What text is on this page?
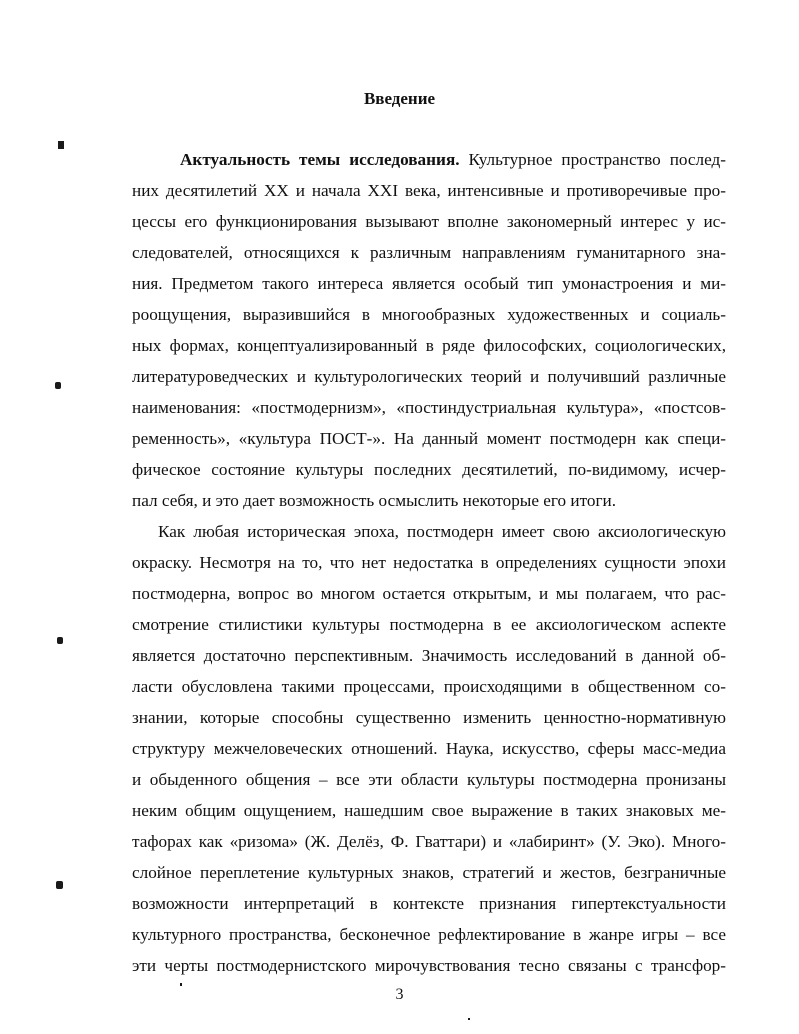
Введение
Актуальность темы исследования. Культурное пространство послед-
них десятилетий XX и начала XXI века, интенсивные и противоречивые про-
цессы его функционирования вызывают вполне закономерный интерес у ис-
следователей, относящихся к различным направлениям гуманитарного зна-
ния. Предметом такого интереса является особый тип умонастроения и ми-
роощущения, выразившийся в многообразных художественных и социаль-
ных формах, концептуализированный в ряде философских, социологических,
литературоведческих и культурологических теорий и получивший различные
наименования: «постмодернизм», «постиндустриальная культура», «постсов-
ременность», «культура ПОСТ-». На данный момент постмодерн как специ-
фическое состояние культуры последних десятилетий, по-видимому, исчер-
пал себя, и это дает возможность осмыслить некоторые его итоги.
Как любая историческая эпоха, постмодерн имеет свою аксиологическую
окраску. Несмотря на то, что нет недостатка в определениях сущности эпохи
постмодерна, вопрос во многом остается открытым, и мы полагаем, что рас-
смотрение стилистики культуры постмодерна в ее аксиологическом аспекте
является достаточно перспективным. Значимость исследований в данной об-
ласти обусловлена такими процессами, происходящими в общественном со-
знании, которые способны существенно изменить ценностно-нормативную
структуру межчеловеческих отношений. Наука, искусство, сферы масс-медиа
и обыденного общения – все эти области культуры постмодерна пронизаны
неким общим ощущением, нашедшим свое выражение в таких знаковых ме-
тафорах как «ризома» (Ж. Делёз, Ф. Гваттари) и «лабиринт» (У. Эко). Много-
слойное переплетение культурных знаков, стратегий и жестов, безграничные
возможности интерпретаций в контексте признания гипертекстуальности
культурного пространства, бесконечное рефлектирование в жанре игры – все
эти черты постмодернистского мирочувствования тесно связаны с трансфор-
3
